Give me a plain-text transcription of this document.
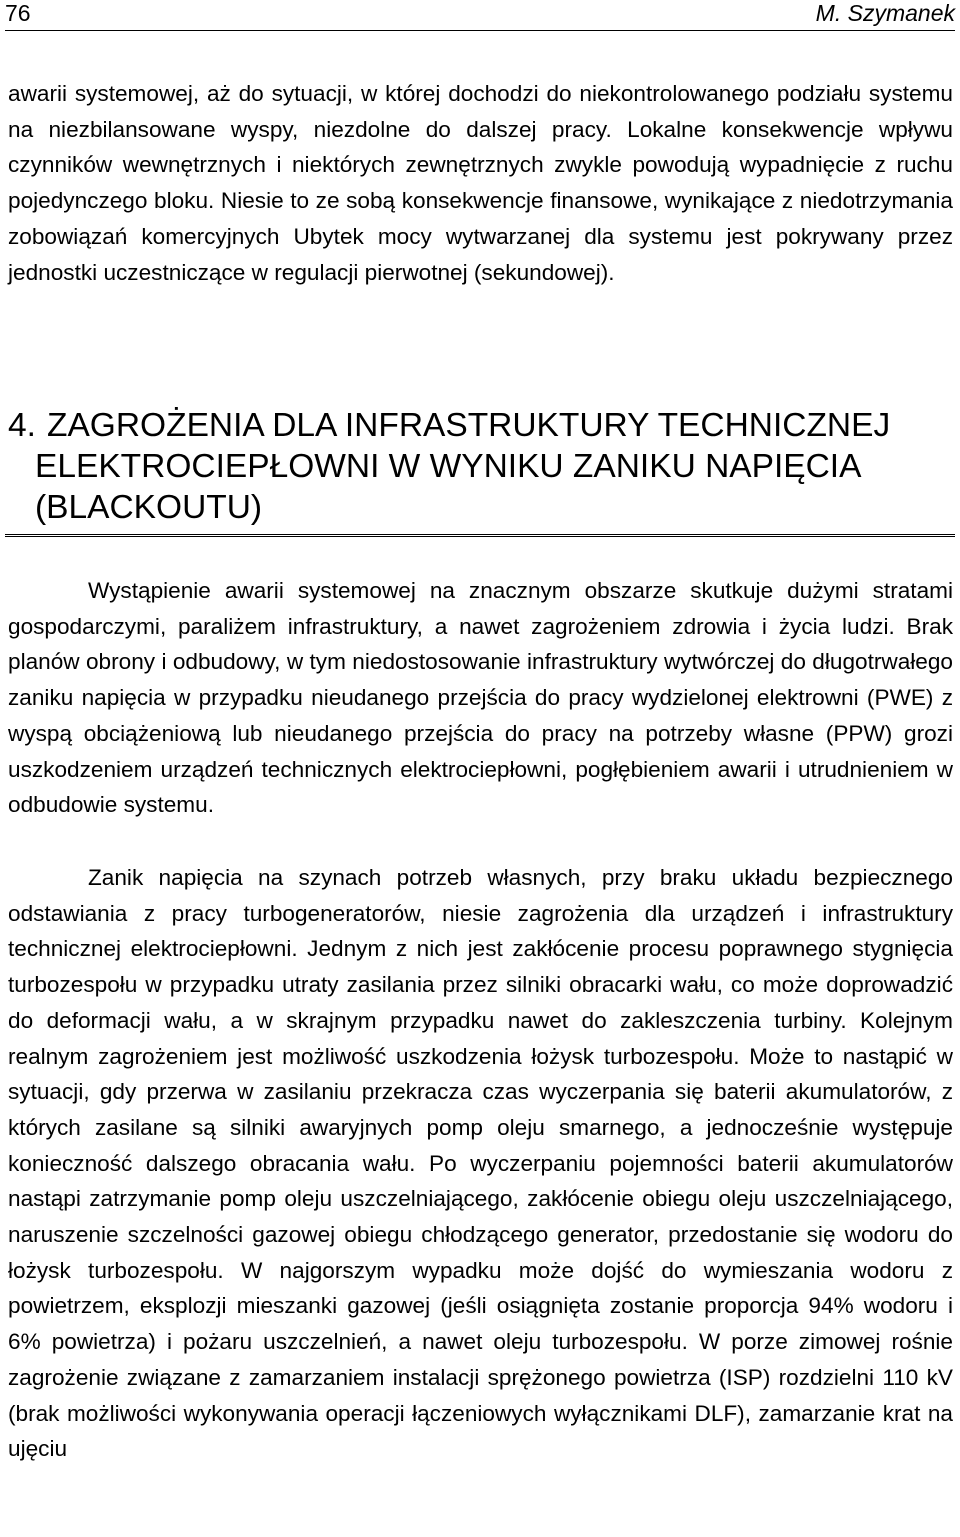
76	M. Szymanek

awarii systemowej, aż do sytuacji, w której dochodzi do niekontrolowanego podziału systemu na niezbilansowane wyspy, niezdolne do dalszej pracy. Lokalne konsekwencje wpływu czynników wewnętrznych i niektórych zewnętrznych zwykle powodują wypadnięcie z ruchu pojedynczego bloku. Niesie to ze sobą konsekwencje finansowe, wynikające z niedotrzymania zobowiązań komercyjnych Ubytek mocy wytwarzanej dla systemu jest pokrywany przez jednostki uczestniczące w regulacji pierwotnej (sekundowej).

4. ZAGROŻENIA DLA INFRASTRUKTURY TECHNICZNEJ
ELEKTROCIEPŁOWNI W WYNIKU ZANIKU NAPIĘCIA
(BLACKOUTU)

Wystąpienie awarii systemowej na znacznym obszarze skutkuje dużymi stratami gospodarczymi, paraliżem infrastruktury, a nawet zagrożeniem zdrowia i życia ludzi. Brak planów obrony i odbudowy, w tym niedostosowanie infrastruktury wytwórczej do długotrwałego zaniku napięcia w przypadku nieudanego przejścia do pracy wydzielonej elektrowni (PWE) z wyspą obciążeniową lub nieudanego przejścia do pracy na potrzeby własne (PPW) grozi uszkodzeniem urządzeń technicznych elektrociepłowni, pogłębieniem awarii i utrudnieniem w odbudowie systemu.

Zanik napięcia na szynach potrzeb własnych, przy braku układu bezpiecznego odstawiania z pracy turbogeneratorów, niesie zagrożenia dla urządzeń i infrastruktury technicznej elektrociepłowni. Jednym z nich jest zakłócenie procesu poprawnego stygnięcia turbozespołu w przypadku utraty zasilania przez silniki obracarki wału, co może doprowadzić do deformacji wału, a w skrajnym przypadku nawet do zakleszczenia turbiny. Kolejnym realnym zagrożeniem jest możliwość uszkodzenia łożysk turbozespołu. Może to nastąpić w sytuacji, gdy przerwa w zasilaniu przekracza czas wyczerpania się baterii akumulatorów, z których zasilane są silniki awaryjnych pomp oleju smarnego, a jednocześnie występuje konieczność dalszego obracania wału. Po wyczerpaniu pojemności baterii akumulatorów nastąpi zatrzymanie pomp oleju uszczelniającego, zakłócenie obiegu oleju uszczelniającego, naruszenie szczelności gazowej obiegu chłodzącego generator, przedostanie się wodoru do łożysk turbozespołu. W najgorszym wypadku może dojść do wymieszania wodoru z powietrzem, eksplozji mieszanki gazowej (jeśli osiągnięta zostanie proporcja 94% wodoru i 6% powietrza) i pożaru uszczelnień, a nawet oleju turbozespołu. W porze zimowej rośnie zagrożenie związane z zamarzaniem instalacji sprężonego powietrza (ISP) rozdzielni 110 kV (brak możliwości wykonywania operacji łączeniowych wyłącznikami DLF), zamarzanie krat na ujęciu
